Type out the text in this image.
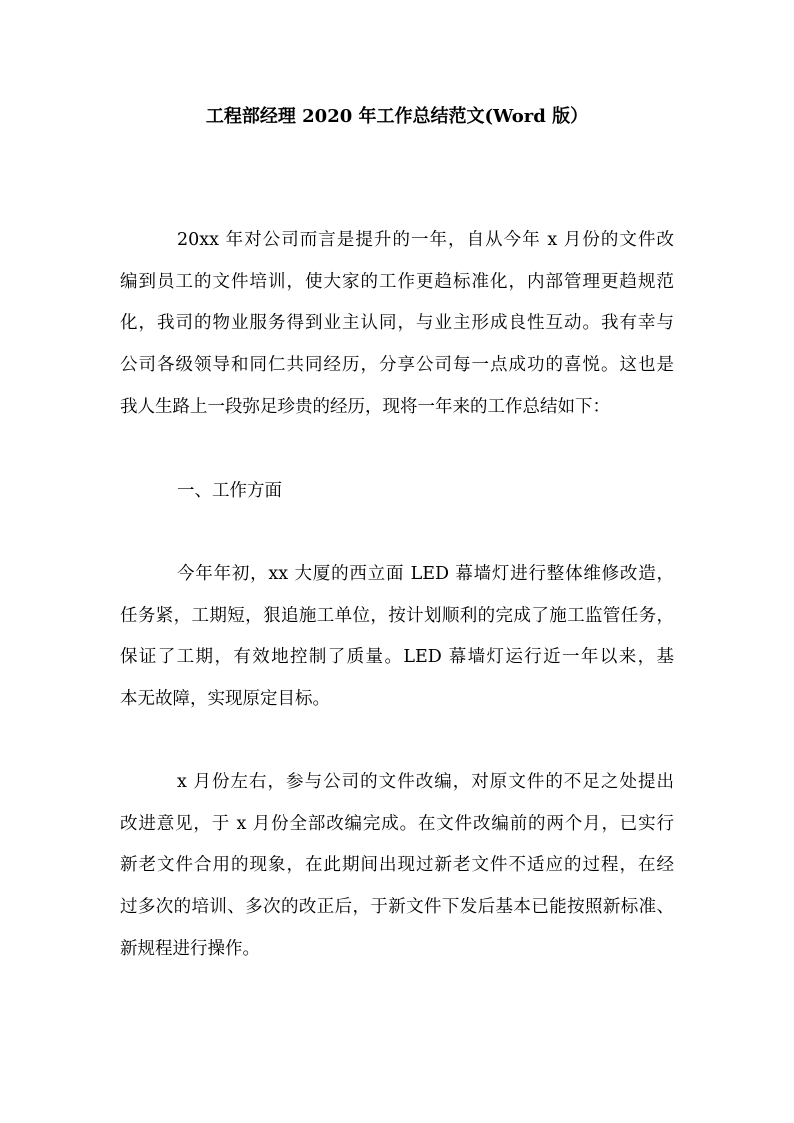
工程部经理 2020 年工作总结范文(Word 版）
20xx 年对公司而言是提升的一年，自从今年 x 月份的文件改
编到员工的文件培训，使大家的工作更趋标准化，内部管理更趋规范
化，我司的物业服务得到业主认同，与业主形成良性互动。我有幸与
公司各级领导和同仁共同经历，分享公司每一点成功的喜悦。这也是
我人生路上一段弥足珍贵的经历，现将一年来的工作总结如下：
一、工作方面
今年年初，xx 大厦的西立面 LED 幕墙灯进行整体维修改造，
任务紧，工期短，狠追施工单位，按计划顺利的完成了施工监管任务，
保证了工期，有效地控制了质量。LED 幕墙灯运行近一年以来，基
本无故障，实现原定目标。
x 月份左右，参与公司的文件改编，对原文件的不足之处提出
改进意见，于 x 月份全部改编完成。在文件改编前的两个月，已实行
新老文件合用的现象，在此期间出现过新老文件不适应的过程，在经
过多次的培训、多次的改正后，于新文件下发后基本已能按照新标准、
新规程进行操作。
